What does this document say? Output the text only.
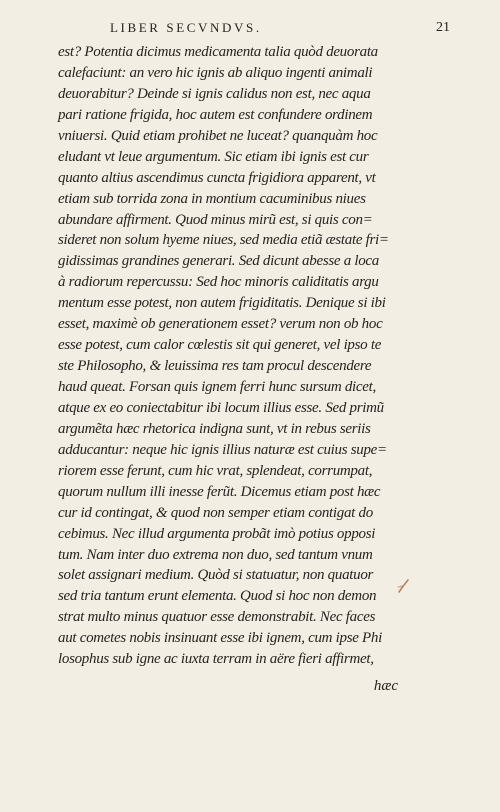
LIBER SECVNDVS.	21
est? Potentia dicimus medicamenta talia quòd deuorata
calefaciunt: an vero hic ignis ab aliquo ingenti animali
deuorabitur? Deinde si ignis calidus non est, nec aqua
pari ratione frigida, hoc autem est confundere ordinem
vniuersi. Quid etiam prohibet ne luceat? quanquàm hoc
eludant vt leue argumentum. Sic etiam ibi ignis est cur
quanto altius ascendimus cuncta frigidiora apparent, vt
etiam sub torrida zona in montium cacuminibus niues
abundare affirment. Quod minus mirũ est, si quis con=
sideret non solum hyeme niues, sed media etiã æstate fri=
gidissimas grandines generari. Sed dicunt abesse a loca
à radiorum repercussu: Sed hoc minoris caliditatis argu
mentum esse potest, non autem frigiditatis. Denique si ibi
esset, maximè ob generationem esset? verum non ob hoc
esse potest, cum calor cœlestis sit qui generet, vel ipso te
ste Philosopho, & leuissima res tam procul descendere
haud queat. Forsan quis ignem ferri hunc sursum dicet,
atque ex eo coniectabitur ibi locum illius esse. Sed primũ
argumẽta hæc rhetorica indigna sunt, vt in rebus seriis
adducantur: neque hic ignis illius naturæ est cuius supe=
riorem esse ferunt, cum hic vrat, splendeat, corrumpat,
quorum nullum illi inesse ferũt. Dicemus etiam post hæc
cur id contingat, & quod non semper etiam contigat do
cebimus. Nec illud argumenta probãt imò potius opposi
tum. Nam inter duo extrema non duo, sed tantum vnum
solet assignari medium. Quòd si statuatur, non quatuor
sed tria tantum erunt elementa. Quod si hoc non demon
strat multo minus quatuor esse demonstrabit. Nec faces
aut cometes nobis insinuant esse ibi ignem, cum ipse Phi
losophus sub igne ac iuxta terram in aëre fieri affirmet,
hæc
